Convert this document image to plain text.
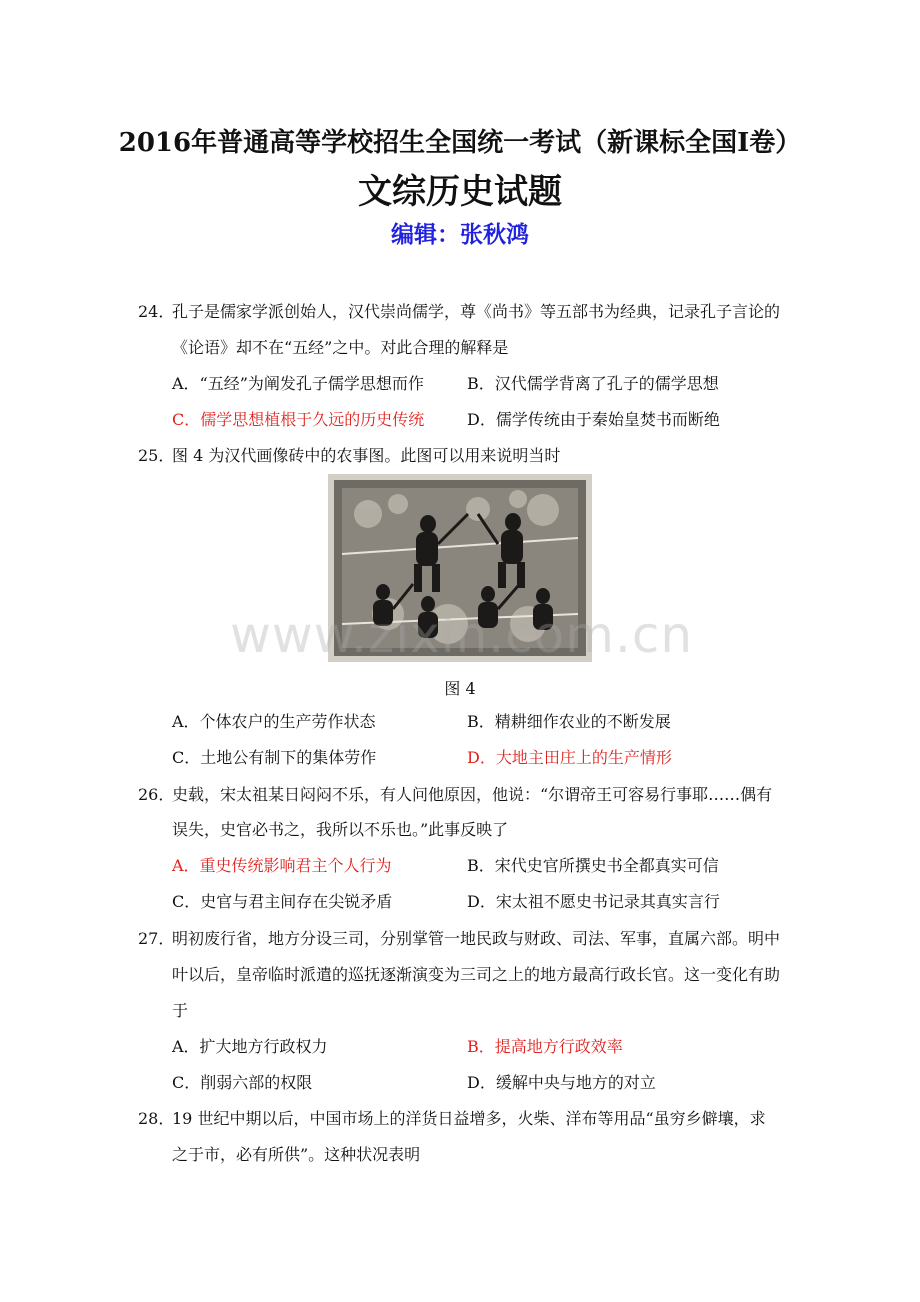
2016年普通高等学校招生全国统一考试（新课标全国Ⅰ卷）
文综历史试题
编辑：张秋鸿
24．
孔子是儒家学派创始人，汉代崇尚儒学，尊《尚书》等五部书为经典，记录孔子言论的
《论语》却不在“五经”之中。对此合理的解释是
A．“五经”为阐发孔子儒学思想而作	B．汉代儒学背离了孔子的儒学思想
C．儒学思想植根于久远的历史传统	D．儒学传统由于秦始皇焚书而断绝
25．
图 4 为汉代画像砖中的农事图。此图可以用来说明当时
图 4
A．个体农户的生产劳作状态	B．精耕细作农业的不断发展
C．土地公有制下的集体劳作	D．大地主田庄上的生产情形
26．
史载，宋太祖某日闷闷不乐，有人问他原因，他说：“尔谓帝王可容易行事耶……偶有
误失，史官必书之，我所以不乐也。”此事反映了
A．重史传统影响君主个人行为	B．宋代史官所撰史书全都真实可信
C．史官与君主间存在尖锐矛盾	D．宋太祖不愿史书记录其真实言行
27．
明初废行省，地方分设三司，分别掌管一地民政与财政、司法、军事，直属六部。明中
叶以后，皇帝临时派遣的巡抚逐渐演变为三司之上的地方最高行政长官。这一变化有助
于
A．扩大地方行政权力	B．提高地方行政效率
C．削弱六部的权限	D．缓解中央与地方的对立
28．
19 世纪中期以后，中国市场上的洋货日益增多，火柴、洋布等用品“虽穷乡僻壤，求
之于市，必有所供”。这种状况表明
www.zixin.com.cn
